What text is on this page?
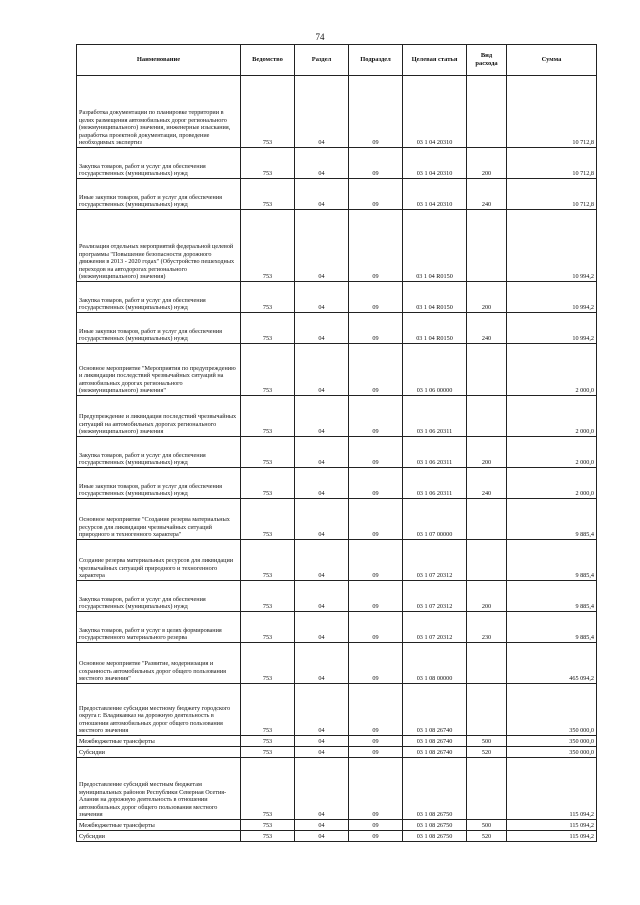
74
Наименование	Ведомство	Раздел	Подраздел	Целевая статья	Вид расхода	Сумма
Разработка документации по планировке территории в целях размещения автомобильных дорог регионального (межмуниципального) значения, инженерные изыскания, разработка проектной документации, проведение необходимых экспертиз	753	04	09	03 1 04 20310		10 712,8
Закупка товаров, работ и услуг для обеспечения государственных (муниципальных) нужд	753	04	09	03 1 04 20310	200	10 712,8
Иные закупки товаров, работ и услуг для обеспечения государственных (муниципальных) нужд	753	04	09	03 1 04 20310	240	10 712,8
Реализация отдельных мероприятий федеральной целевой программы "Повышение безопасности дорожного движения в 2013 - 2020 годах" (Обустройство пешеходных переходов на автодорогах регионального (межмуниципального) значения)	753	04	09	03 1 04 R0150		10 994,2
Закупка товаров, работ и услуг для обеспечения государственных (муниципальных) нужд	753	04	09	03 1 04 R0150	200	10 994,2
Иные закупки товаров, работ и услуг для обеспечения государственных (муниципальных) нужд	753	04	09	03 1 04 R0150	240	10 994,2
Основное мероприятие "Мероприятия по предупреждению и ликвидации последствий чрезвычайных ситуаций на автомобильных дорогах регионального (межмуниципального) значения"	753	04	09	03 1 06 00000		2 000,0
Предупреждение и ликвидация последствий чрезвычайных ситуаций на автомобильных дорогах регионального (межмуниципального) значения	753	04	09	03 1 06 20311		2 000,0
Закупка товаров, работ и услуг для обеспечения государственных (муниципальных) нужд	753	04	09	03 1 06 20311	200	2 000,0
Иные закупки товаров, работ и услуг для обеспечения государственных (муниципальных) нужд	753	04	09	03 1 06 20311	240	2 000,0
Основное мероприятие "Создание резерва материальных ресурсов для ликвидации чрезвычайных ситуаций природного и техногенного характера"	753	04	09	03 1 07 00000		9 885,4
Создание резерва материальных ресурсов для ликвидации чрезвычайных ситуаций природного и техногенного характера	753	04	09	03 1 07 20312		9 885,4
Закупка товаров, работ и услуг для обеспечения государственных (муниципальных) нужд	753	04	09	03 1 07 20312	200	9 885,4
Закупка товаров, работ и услуг в целях формирования государственного материального резерва	753	04	09	03 1 07 20312	230	9 885,4
Основное мероприятие "Развитие, модернизация и сохранность автомобильных дорог общего пользования местного значения"	753	04	09	03 1 08 00000		465 094,2
Предоставление субсидии местному бюджету городского округа г. Владикавказ на дорожную деятельность в отношении автомобильных дорог общего пользования местного значения	753	04	09	03 1 08 26740		350 000,0
Межбюджетные трансферты	753	04	09	03 1 08 26740	500	350 000,0
Субсидии	753	04	09	03 1 08 26740	520	350 000,0
Предоставление субсидий местным бюджетам муниципальных районов Республики Северная Осетия-Алания на дорожную деятельность в отношении автомобильных дорог общего пользования местного значения	753	04	09	03 1 08 26750		115 094,2
Межбюджетные трансферты	753	04	09	03 1 08 26750	500	115 094,2
Субсидии	753	04	09	03 1 08 26750	520	115 094,2
